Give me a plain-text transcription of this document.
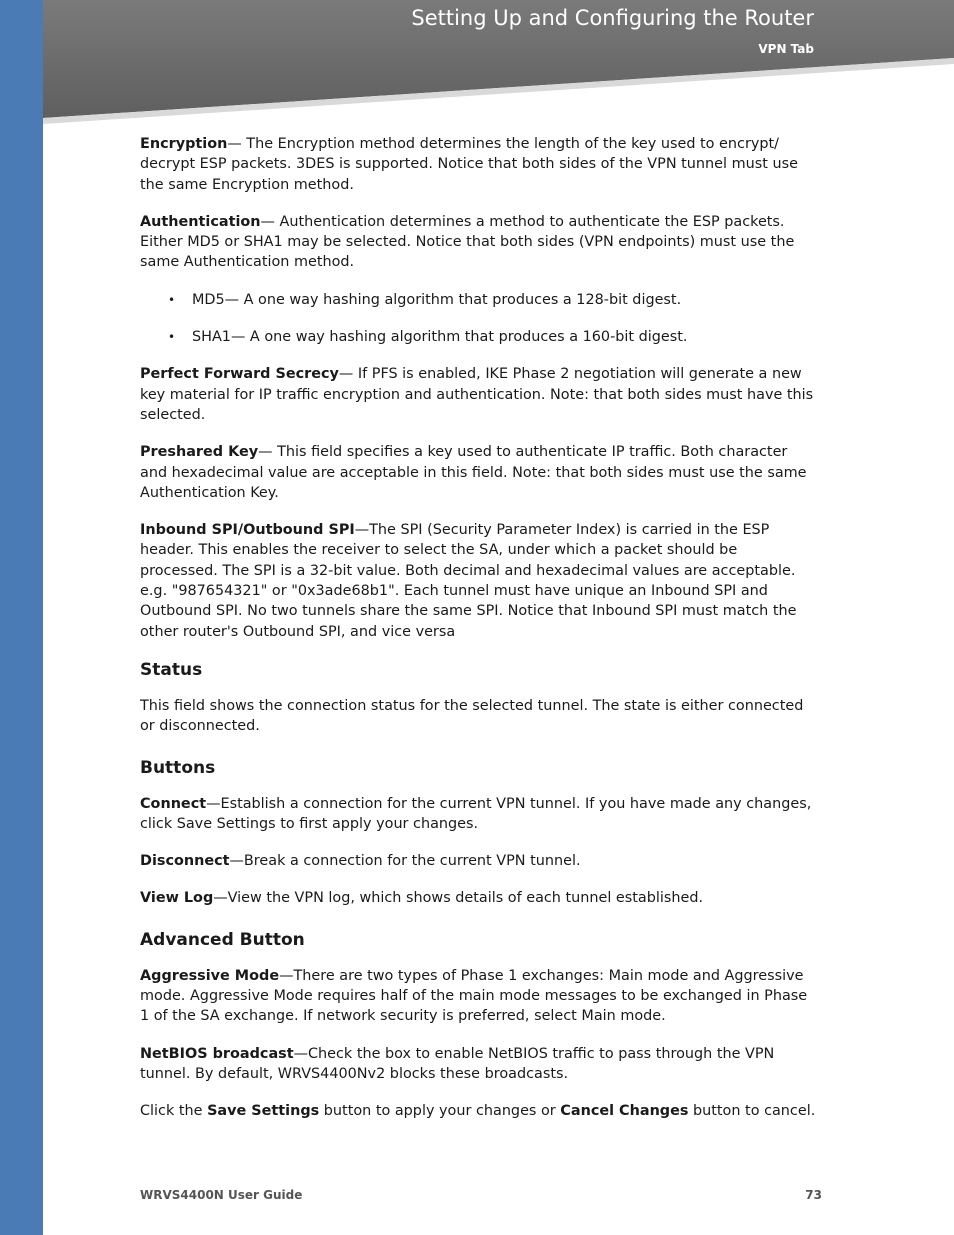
Setting Up and Configuring the Router
VPN Tab

Encryption— The Encryption method determines the length of the key used to encrypt/ decrypt ESP packets. 3DES is supported. Notice that both sides of the VPN tunnel must use the same Encryption method.

Authentication— Authentication determines a method to authenticate the ESP packets. Either MD5 or SHA1 may be selected. Notice that both sides (VPN endpoints) must use the same Authentication method.

• MD5— A one way hashing algorithm that produces a 128-bit digest.
• SHA1— A one way hashing algorithm that produces a 160-bit digest.

Perfect Forward Secrecy— If PFS is enabled, IKE Phase 2 negotiation will generate a new key material for IP traffic encryption and authentication. Note: that both sides must have this selected.

Preshared Key— This field specifies a key used to authenticate IP traffic. Both character and hexadecimal value are acceptable in this field. Note: that both sides must use the same Authentication Key.

Inbound SPI/Outbound SPI—The SPI (Security Parameter Index) is carried in the ESP header. This enables the receiver to select the SA, under which a packet should be processed. The SPI is a 32-bit value. Both decimal and hexadecimal values are acceptable. e.g. "987654321" or "0x3ade68b1". Each tunnel must have unique an Inbound SPI and Outbound SPI. No two tunnels share the same SPI. Notice that Inbound SPI must match the other router's Outbound SPI, and vice versa

Status

This field shows the connection status for the selected tunnel. The state is either connected or disconnected.

Buttons

Connect—Establish a connection for the current VPN tunnel. If you have made any changes, click Save Settings to first apply your changes.

Disconnect—Break a connection for the current VPN tunnel.

View Log—View the VPN log, which shows details of each tunnel established.

Advanced Button

Aggressive Mode—There are two types of Phase 1 exchanges: Main mode and Aggressive mode. Aggressive Mode requires half of the main mode messages to be exchanged in Phase 1 of the SA exchange. If network security is preferred, select Main mode.

NetBIOS broadcast—Check the box to enable NetBIOS traffic to pass through the VPN tunnel. By default, WRVS4400Nv2 blocks these broadcasts.

Click the Save Settings button to apply your changes or Cancel Changes button to cancel.

WRVS4400N User Guide	73
